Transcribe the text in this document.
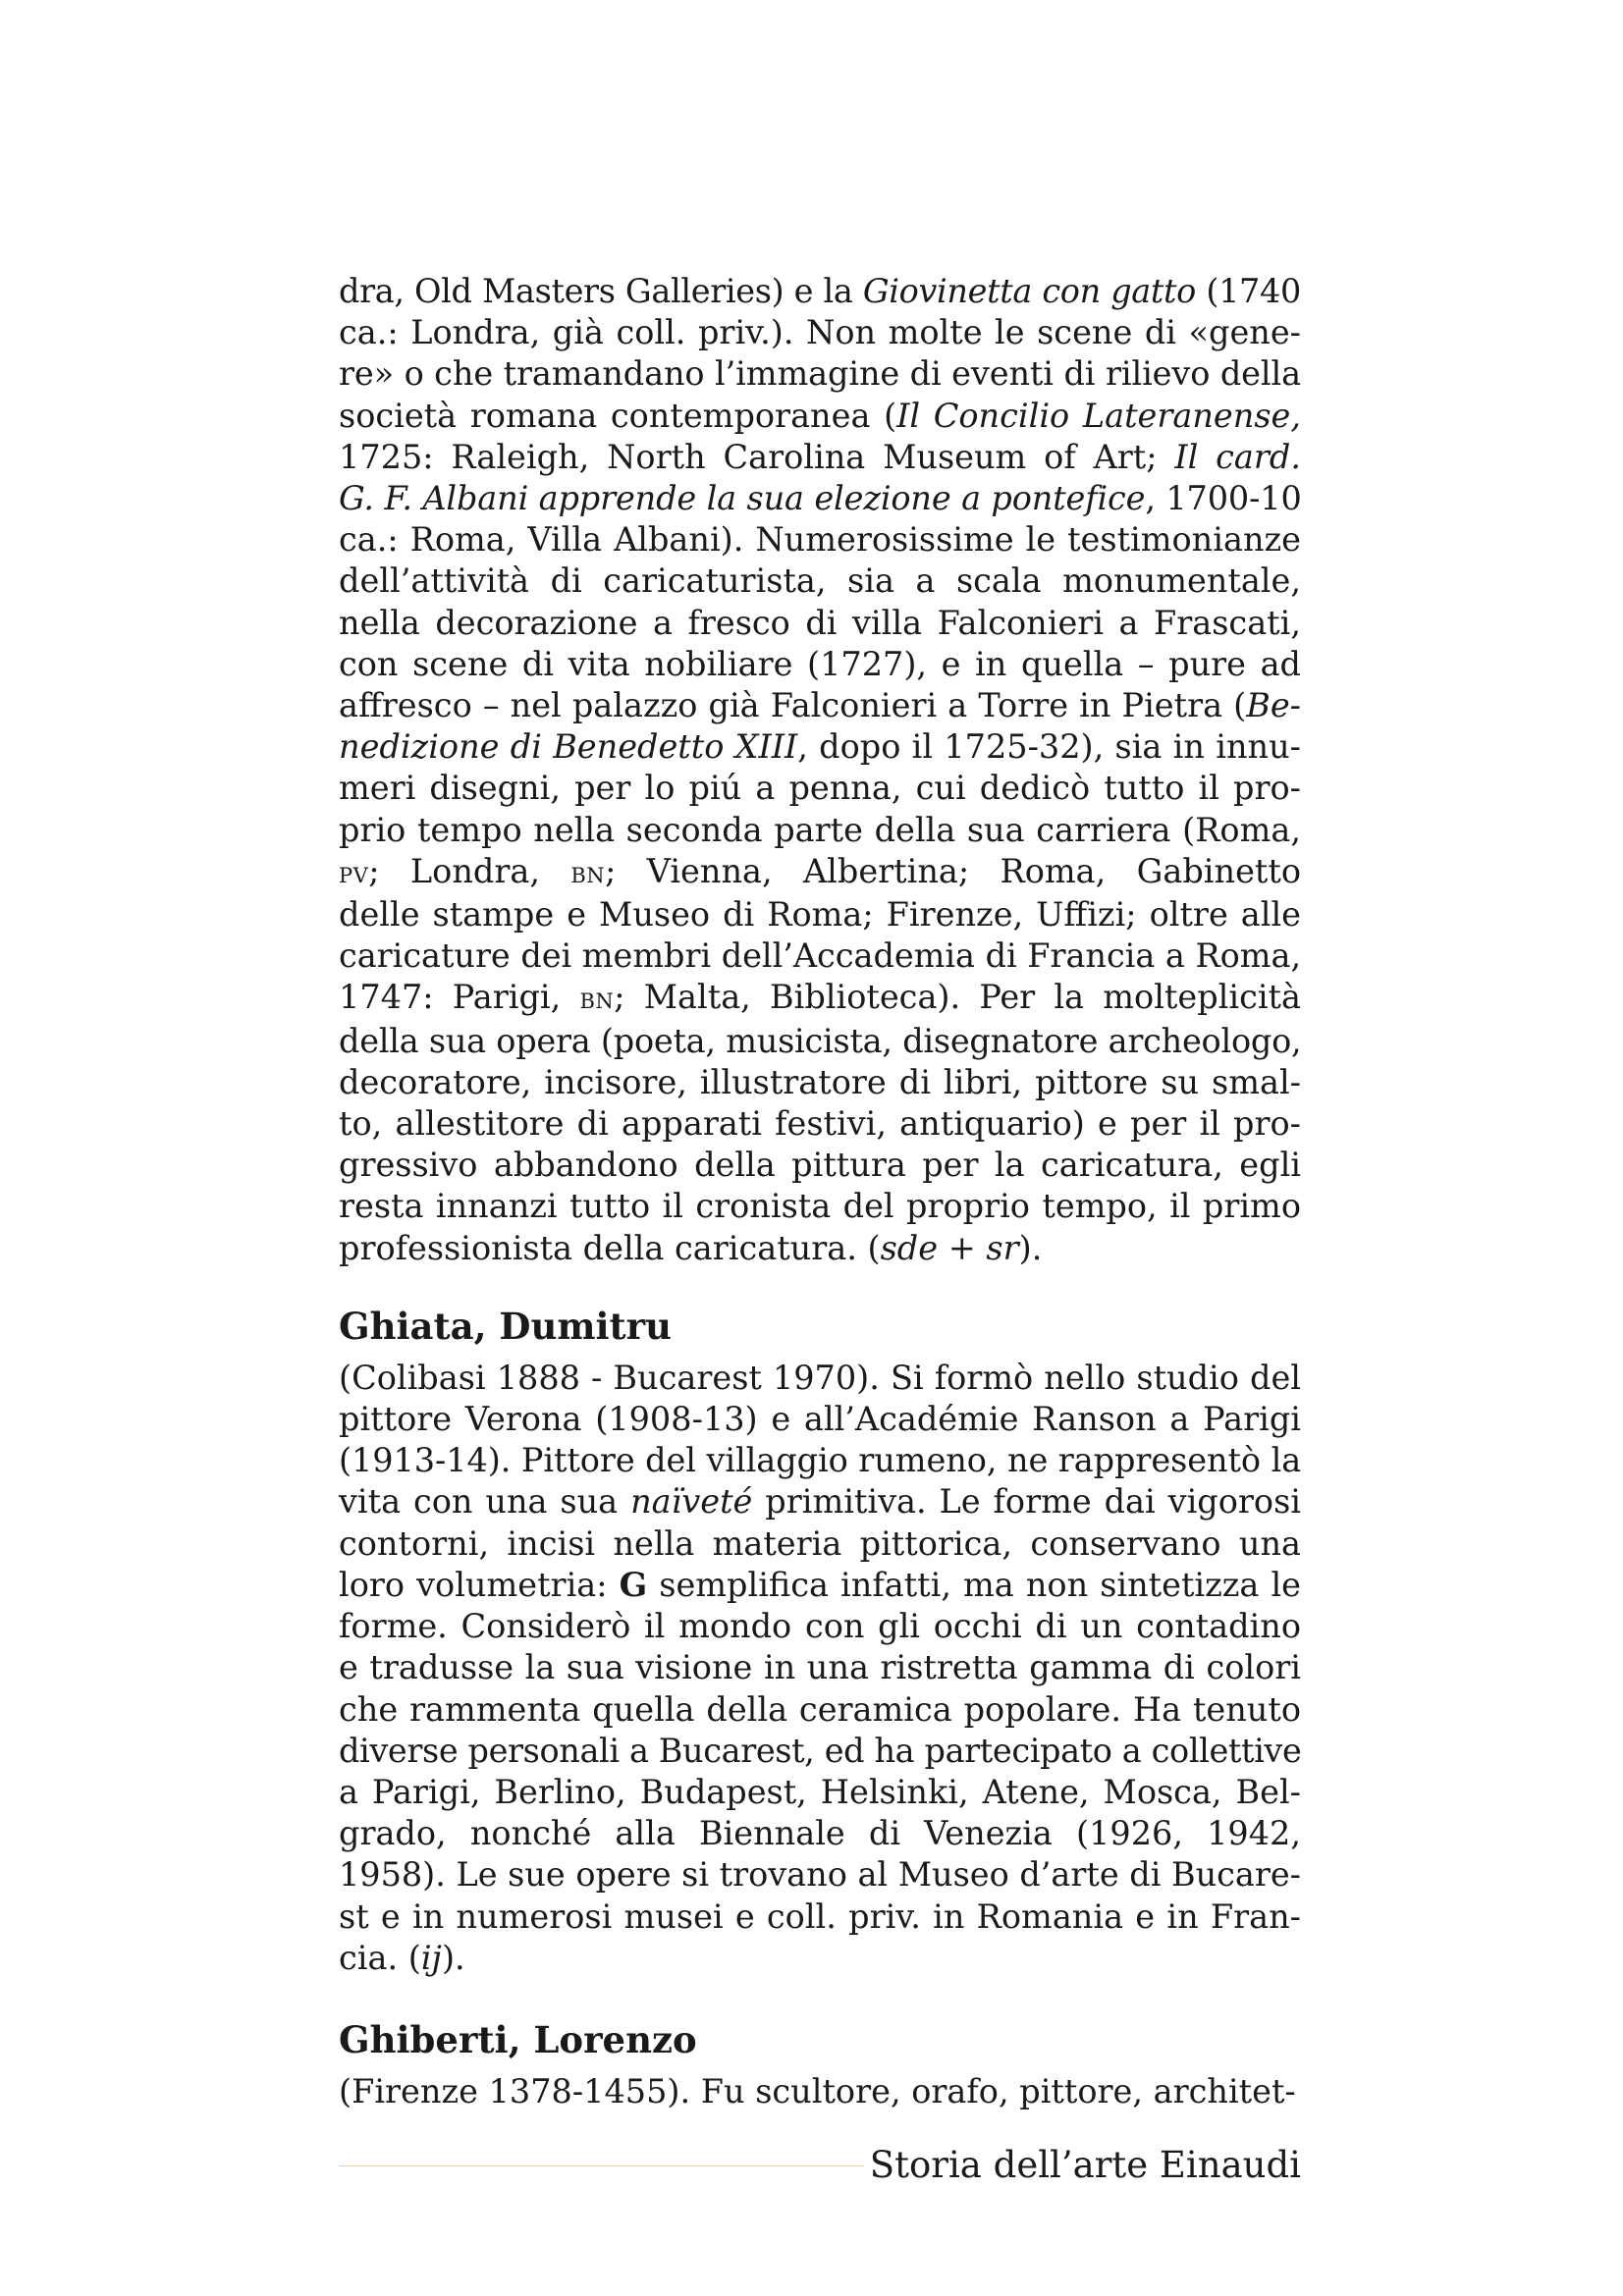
dra, Old Masters Galleries) e la Giovinetta con gatto (1740
ca.: Londra, già coll. priv.). Non molte le scene di «gene-
re» o che tramandano l’immagine di eventi di rilievo della
società romana contemporanea (Il Concilio Lateranense,
1725: Raleigh, North Carolina Museum of Art; Il card.
G. F. Albani apprende la sua elezione a pontefice, 1700-10
ca.: Roma, Villa Albani). Numerosissime le testimonianze
dell’attività di caricaturista, sia a scala monumentale,
nella decorazione a fresco di villa Falconieri a Frascati,
con scene di vita nobiliare (1727), e in quella – pure ad
affresco – nel palazzo già Falconieri a Torre in Pietra (Be-
nedizione di Benedetto XIII, dopo il 1725-32), sia in innu-
meri disegni, per lo piú a penna, cui dedicò tutto il pro-
prio tempo nella seconda parte della sua carriera (Roma,
pv; Londra, bn; Vienna, Albertina; Roma, Gabinetto
delle stampe e Museo di Roma; Firenze, Uffizi; oltre alle
caricature dei membri dell’Accademia di Francia a Roma,
1747: Parigi, bn; Malta, Biblioteca). Per la molteplicità
della sua opera (poeta, musicista, disegnatore archeologo,
decoratore, incisore, illustratore di libri, pittore su smal-
to, allestitore di apparati festivi, antiquario) e per il pro-
gressivo abbandono della pittura per la caricatura, egli
resta innanzi tutto il cronista del proprio tempo, il primo
professionista della caricatura. (sde + sr).

Ghiata, Dumitru

(Colibasi 1888 - Bucarest 1970). Si formò nello studio del
pittore Verona (1908-13) e all’Académie Ranson a Parigi
(1913-14). Pittore del villaggio rumeno, ne rappresentò la
vita con una sua naïveté primitiva. Le forme dai vigorosi
contorni, incisi nella materia pittorica, conservano una
loro volumetria: G semplifica infatti, ma non sintetizza le
forme. Considerò il mondo con gli occhi di un contadino
e tradusse la sua visione in una ristretta gamma di colori
che rammenta quella della ceramica popolare. Ha tenuto
diverse personali a Bucarest, ed ha partecipato a collettive
a Parigi, Berlino, Budapest, Helsinki, Atene, Mosca, Bel-
grado, nonché alla Biennale di Venezia (1926, 1942,
1958). Le sue opere si trovano al Museo d’arte di Bucare-
st e in numerosi musei e coll. priv. in Romania e in Fran-
cia. (ij).

Ghiberti, Lorenzo

(Firenze 1378-1455). Fu scultore, orafo, pittore, architet-

Storia dell’arte Einaudi
